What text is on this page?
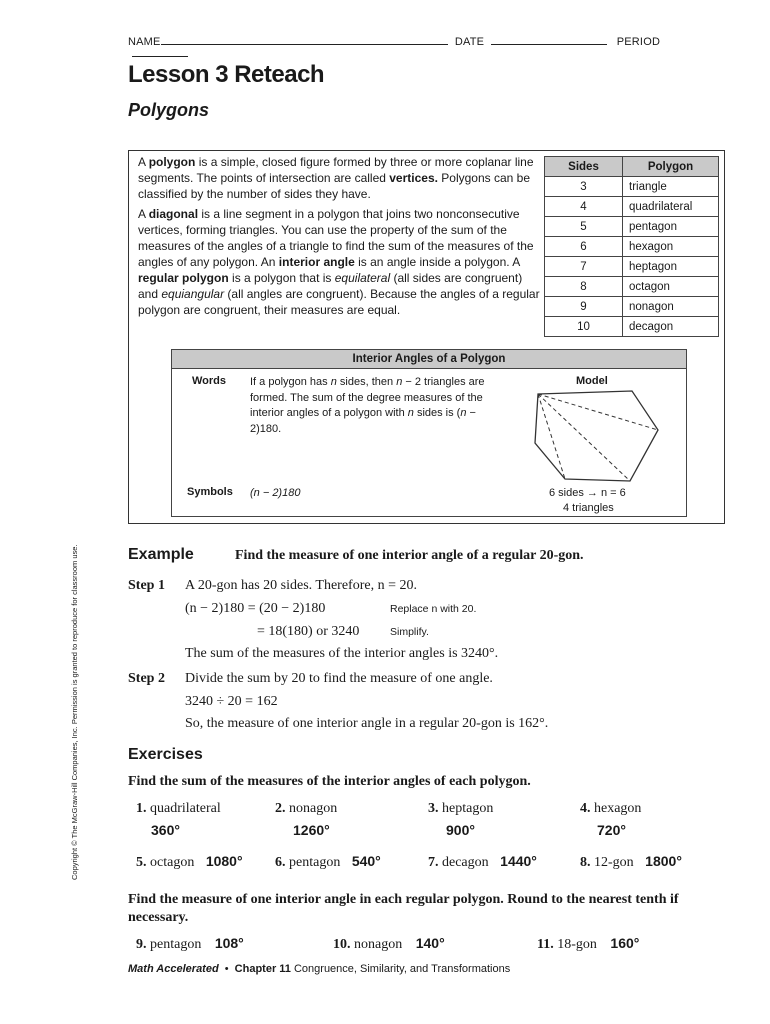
NAME	DATE	PERIOD
Lesson 3 Reteach
Polygons

A polygon is a simple, closed figure formed by three or more coplanar line segments. The points of intersection are called vertices. Polygons can be classified by the number of sides they have.

A diagonal is a line segment in a polygon that joins two nonconsecutive vertices, forming triangles. You can use the property of the sum of the measures of the angles of a triangle to find the sum of the measures of the angles of any polygon. An interior angle is an angle inside a polygon. A regular polygon is a polygon that is equilateral (all sides are congruent) and equiangular (all angles are congruent). Because the angles of a regular polygon are congruent, their measures are equal.

Sides	Polygon
3	triangle
4	quadrilateral
5	pentagon
6	hexagon
7	heptagon
8	octagon
9	nonagon
10	decagon
Interior Angles of a Polygon
Words If a polygon has n sides, then n − 2 triangles are formed. The sum of the degree measures of the interior angles of a polygon with n sides is (n − 2)180.
Model
Symbols (n − 2)180	6 sides → n = 6
4 triangles
Example	Find the measure of one interior angle of a regular 20-gon.
Step 1 A 20-gon has 20 sides. Therefore, n = 20.
(n − 2)180 = (20 − 2)180	Replace n with 20.
= 18(180) or 3240	Simplify.
The sum of the measures of the interior angles is 3240°.
Step 2 Divide the sum by 20 to find the measure of one angle.
3240 ÷ 20 = 162
So, the measure of one interior angle in a regular 20-gon is 162°.
Exercises
Find the sum of the measures of the interior angles of each polygon.
1. quadrilateral
360°
2. nonagon
1260°
3. heptagon
900°
4. hexagon
720°
5. octagon 1080° 6. pentagon 540°	7. decagon 1440°	8. 12-gon 1800°
Find the measure of one interior angle in each regular polygon. Round to the nearest tenth if necessary.
9. pentagon 108°	10. nonagon 140°	11. 18-gon 160°
Copyright © The McGraw-Hill Companies, Inc. Permission is granted to reproduce for classroom use.
Math Accelerated • Chapter 11 Congruence, Similarity, and Transformations
